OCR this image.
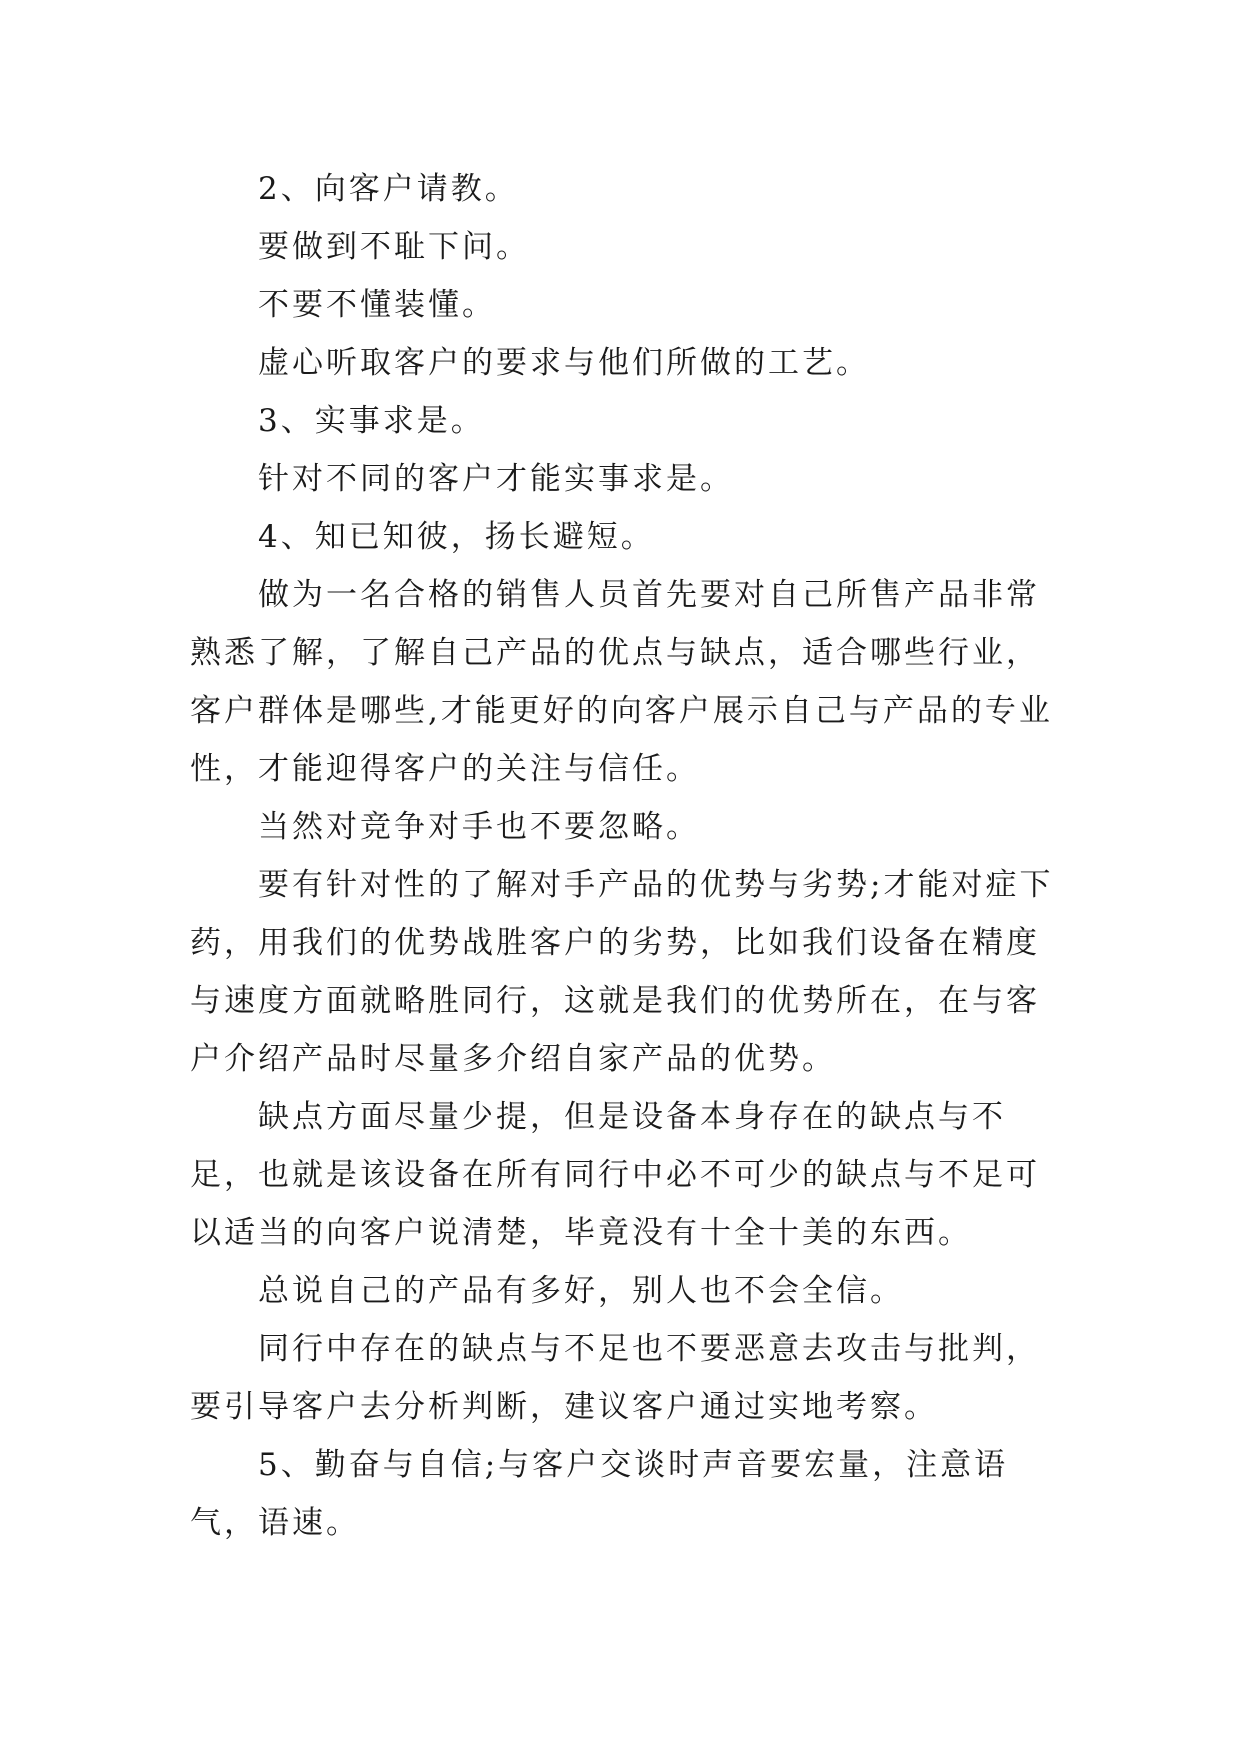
2、向客户请教。

要做到不耻下问。

不要不懂装懂。

虚心听取客户的要求与他们所做的工艺。

3、实事求是。

针对不同的客户才能实事求是。

4、知已知彼，扬长避短。

做为一名合格的销售人员首先要对自己所售产品非常熟悉了解，了解自己产品的优点与缺点，适合哪些行业，客户群体是哪些,才能更好的向客户展示自己与产品的专业性，才能迎得客户的关注与信任。

当然对竞争对手也不要忽略。

要有针对性的了解对手产品的优势与劣势;才能对症下药，用我们的优势战胜客户的劣势，比如我们设备在精度与速度方面就略胜同行，这就是我们的优势所在，在与客户介绍产品时尽量多介绍自家产品的优势。

缺点方面尽量少提，但是设备本身存在的缺点与不足，也就是该设备在所有同行中必不可少的缺点与不足可以适当的向客户说清楚，毕竟没有十全十美的东西。

总说自己的产品有多好，别人也不会全信。

同行中存在的缺点与不足也不要恶意去攻击与批判，要引导客户去分析判断，建议客户通过实地考察。

5、勤奋与自信;与客户交谈时声音要宏量，注意语气，语速。
